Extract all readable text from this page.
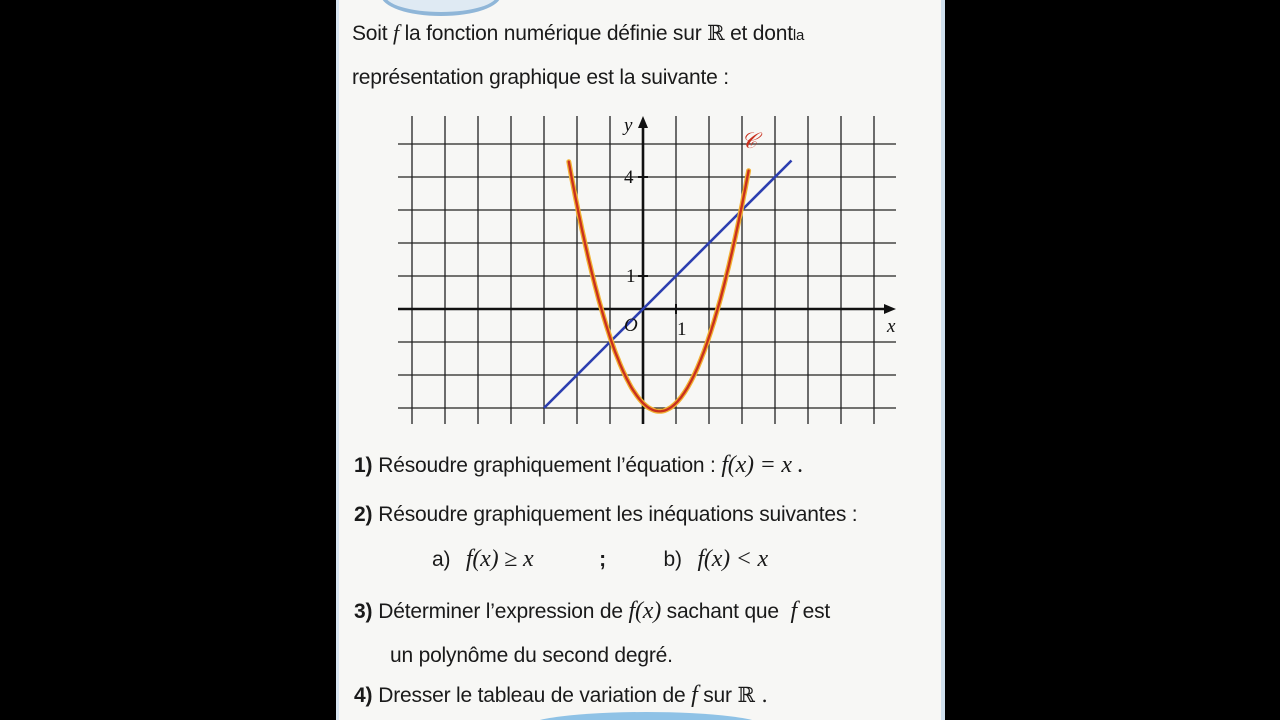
Soit f la fonction numérique définie sur ℝ et dontla
représentation graphique est la suivante :
x
y
O 1
1
4
𝒞
1) Résoudre graphiquement l’équation : f(x) = x .
2) Résoudre graphiquement les inéquations suivantes :
a) f(x) ≥ x	;	b) f(x) < x
3) Déterminer l’expression de f(x) sachant que f est
un polynôme du second degré.
4) Dresser le tableau de variation de f sur ℝ .
